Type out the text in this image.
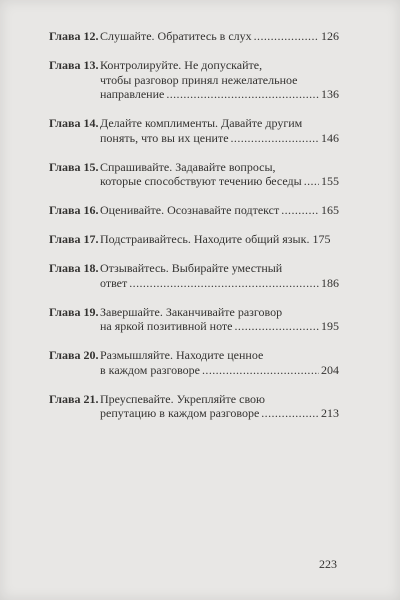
Глава 12. Слушайте. Обратитесь в слух . . .	126
Глава 13. Контролируйте. Не допускайте,
чтобы разговор принял нежелательное
направление . . .	136
Глава 14. Делайте комплименты. Давайте другим
понять, что вы их цените . . .	146
Глава 15. Спрашивайте. Задавайте вопросы,
которые способствуют течению беседы . . . 155
Глава 16. Оценивайте. Осознавайте подтекст . . .	165
Глава 17. Подстраивайтесь. Находите общий язык. 175
Глава 18. Отзывайтесь. Выбирайте уместный
ответ . . .	186
Глава 19. Завершайте. Заканчивайте разговор
на яркой позитивной ноте . . .	195
Глава 20. Размышляйте. Находите ценное
в каждом разговоре . . .	204
Глава 21. Преуспевайте. Укрепляйте свою
репутацию в каждом разговоре . . .	213
223
